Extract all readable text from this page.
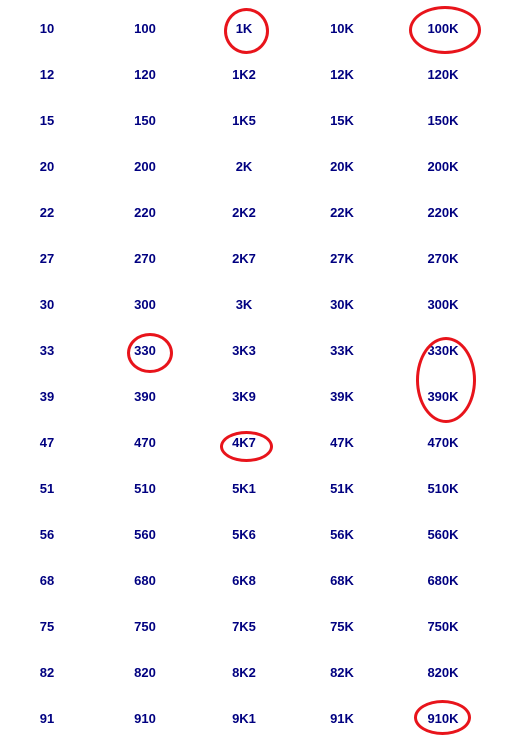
10	100	1K	10K	100K
12	120	1K2	12K	120K
15	150	1K5	15K	150K
20	200	2K	20K	200K
22	220	2K2	22K	220K
27	270	2K7	27K	270K
30	300	3K	30K	300K
33	330	3K3	33K	330K
39	390	3K9	39K	390K
47	470	4K7	47K	470K
51	510	5K1	51K	510K
56	560	5K6	56K	560K
68	680	6K8	68K	680K
75	750	7K5	75K	750K
82	820	8K2	82K	820K
91	910	9K1	91K	910K
